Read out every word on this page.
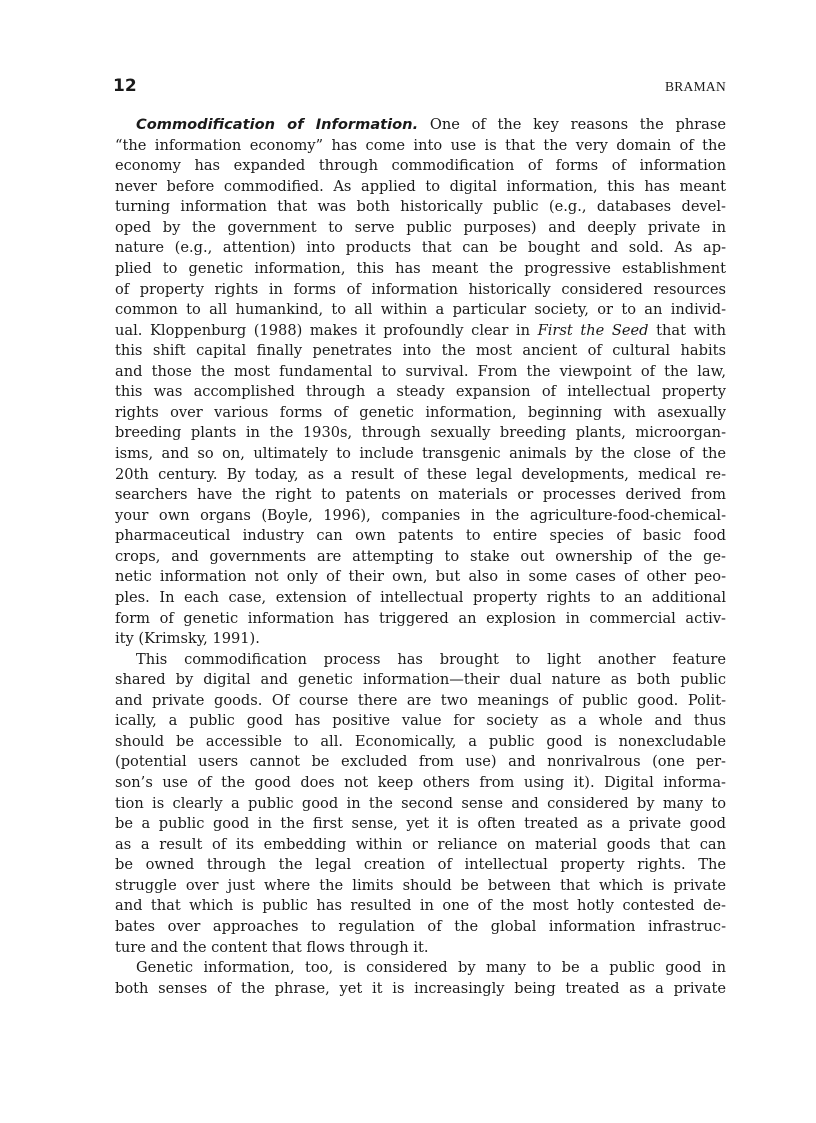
12	BRAMAN
Commodification of Information. One of the key reasons the phrase
“the information economy” has come into use is that the very domain of the
economy has expanded through commodification of forms of information
never before commodified. As applied to digital information, this has meant
turning information that was both historically public (e.g., databases devel-
oped by the government to serve public purposes) and deeply private in
nature (e.g., attention) into products that can be bought and sold. As ap-
plied to genetic information, this has meant the progressive establishment
of property rights in forms of information historically considered resources
common to all humankind, to all within a particular society, or to an individ-
ual. Kloppenburg (1988) makes it profoundly clear in First the Seed that with
this shift capital finally penetrates into the most ancient of cultural habits
and those the most fundamental to survival. From the viewpoint of the law,
this was accomplished through a steady expansion of intellectual property
rights over various forms of genetic information, beginning with asexually
breeding plants in the 1930s, through sexually breeding plants, microorgan-
isms, and so on, ultimately to include transgenic animals by the close of the
20th century. By today, as a result of these legal developments, medical re-
searchers have the right to patents on materials or processes derived from
your own organs (Boyle, 1996), companies in the agriculture-food-chemical-
pharmaceutical industry can own patents to entire species of basic food
crops, and governments are attempting to stake out ownership of the ge-
netic information not only of their own, but also in some cases of other peo-
ples. In each case, extension of intellectual property rights to an additional
form of genetic information has triggered an explosion in commercial activ-
ity (Krimsky, 1991).
This commodification process has brought to light another feature
shared by digital and genetic information—their dual nature as both public
and private goods. Of course there are two meanings of public good. Polit-
ically, a public good has positive value for society as a whole and thus
should be accessible to all. Economically, a public good is nonexcludable
(potential users cannot be excluded from use) and nonrivalrous (one per-
son’s use of the good does not keep others from using it). Digital informa-
tion is clearly a public good in the second sense and considered by many to
be a public good in the first sense, yet it is often treated as a private good
as a result of its embedding within or reliance on material goods that can
be owned through the legal creation of intellectual property rights. The
struggle over just where the limits should be between that which is private
and that which is public has resulted in one of the most hotly contested de-
bates over approaches to regulation of the global information infrastruc-
ture and the content that flows through it.
Genetic information, too, is considered by many to be a public good in
both senses of the phrase, yet it is increasingly being treated as a private
